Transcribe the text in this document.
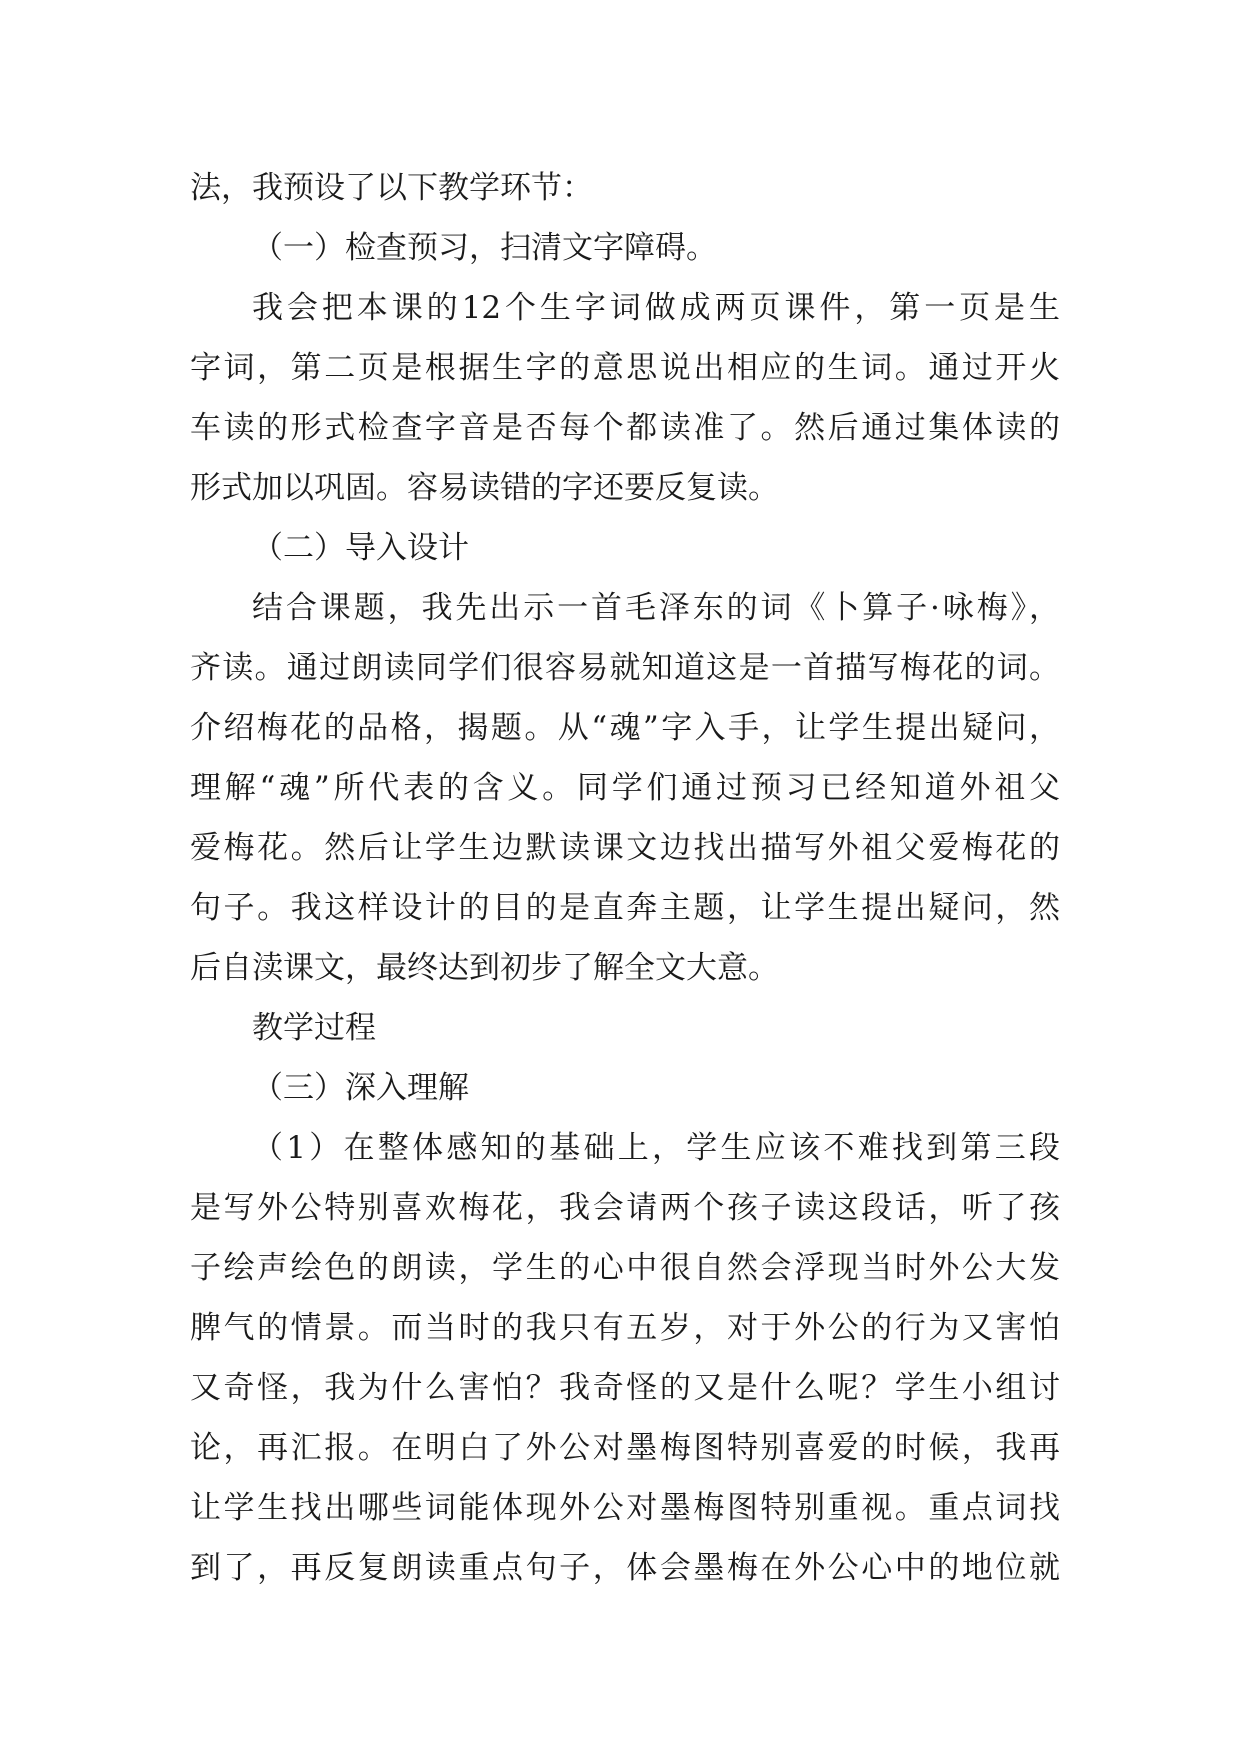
法，我预设了以下教学环节：

（一）检查预习，扫清文字障碍。

我会把本课的12个生字词做成两页课件，第一页是生

字词，第二页是根据生字的意思说出相应的生词。通过开火

车读的形式检查字音是否每个都读准了。然后通过集体读的

形式加以巩固。容易读错的字还要反复读。

（二）导入设计

结合课题，我先出示一首毛泽东的词《卜算子·咏梅》，

齐读。通过朗读同学们很容易就知道这是一首描写梅花的词。

介绍梅花的品格，揭题。从“魂”字入手，让学生提出疑问，

理解“魂”所代表的含义。同学们通过预习已经知道外祖父

爱梅花。然后让学生边默读课文边找出描写外祖父爱梅花的

句子。我这样设计的目的是直奔主题，让学生提出疑问，然

后自渎课文，最终达到初步了解全文大意。

教学过程

（三）深入理解

（1）在整体感知的基础上，学生应该不难找到第三段

是写外公特别喜欢梅花，我会请两个孩子读这段话，听了孩

子绘声绘色的朗读，学生的心中很自然会浮现当时外公大发

脾气的情景。而当时的我只有五岁，对于外公的行为又害怕

又奇怪，我为什么害怕？我奇怪的又是什么呢？学生小组讨

论，再汇报。在明白了外公对墨梅图特别喜爱的时候，我再

让学生找出哪些词能体现外公对墨梅图特别重视。重点词找

到了，再反复朗读重点句子，体会墨梅在外公心中的地位就
